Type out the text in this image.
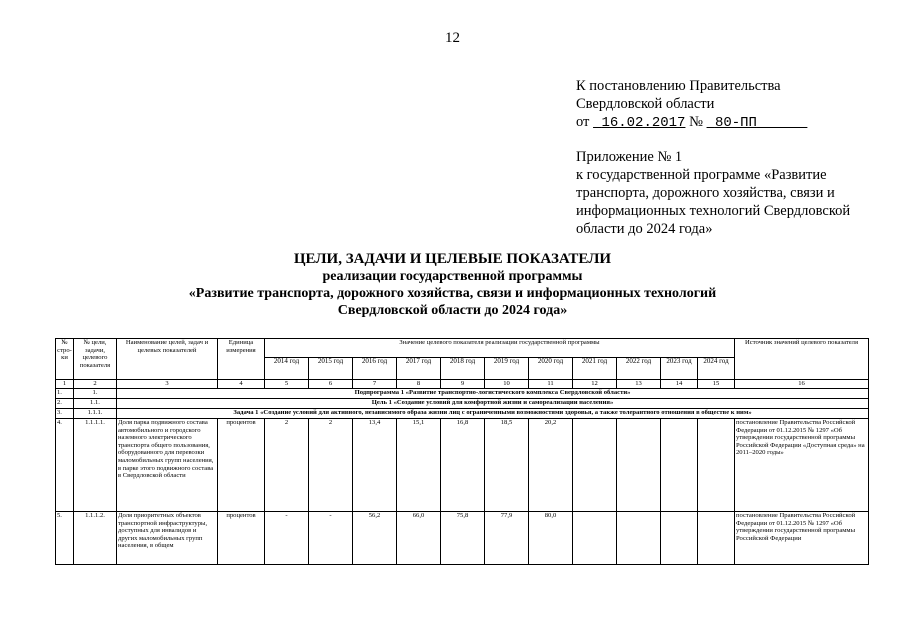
12
К постановлению Правительства
Свердловской области
от 16.02.2017 № 80-ПП
Приложение № 1
к государственной программе «Развитие транспорта, дорожного хозяйства, связи и информационных технологий Свердловской области до 2024 года»
ЦЕЛИ, ЗАДАЧИ И ЦЕЛЕВЫЕ ПОКАЗАТЕЛИ
реализации государственной программы
«Развитие транспорта, дорожного хозяйства, связи и информационных технологий
Свердловской области до 2024 года»
№ стро-ки	№ цели, задачи, целевого показателя	Наименование целей, задач и целевых показателей	Единица измерения	Значение целевого показателя реализации государственной программы											Источник значений целевого показателя
				2014 год	2015 год	2016 год	2017 год	2018 год	2019 год	2020 год	2021 год	2022 год	2023 год	2024 год	
1	2	3	4	5	6	7	8	9	10	11	12	13	14	15	16
1.	1.	Подпрограмма 1 «Развитие транспортно-логистического комплекса Свердловской области»													
2.	1.1.	Цель 1 «Создание условий для комфортной жизни и самореализации населения»													
3.	1.1.1.	Задача 1 «Создание условий для активного, независимого образа жизни лиц с ограниченными возможностями здоровья, а также толерантного отношения в обществе к ним»													
4.	1.1.1.1.	Доля парка подвижного состава автомобильного и городского наземного электрического транспорта общего пользования, оборудованного для перевозки маломобильных групп населения, в парке этого подвижного состава в Свердловской области	процентов	2	2	13,4	15,1	16,8	18,5	20,2					постановление Правительства Российской Федерации от 01.12.2015 № 1297 «Об утверждении государственной программы Российской Федерации «Доступная среда» на 2011–2020 годы»
5.	1.1.1.2.	Доля приоритетных объектов транспортной инфраструктуры, доступных для инвалидов и других маломобильных групп населения, в общем	процентов	-	-	56,2	66,0	75,8	77,9	80,0					постановление Правительства Российской Федерации от 01.12.2015 № 1297 «Об утверждении государственной программы Российской Федерации
